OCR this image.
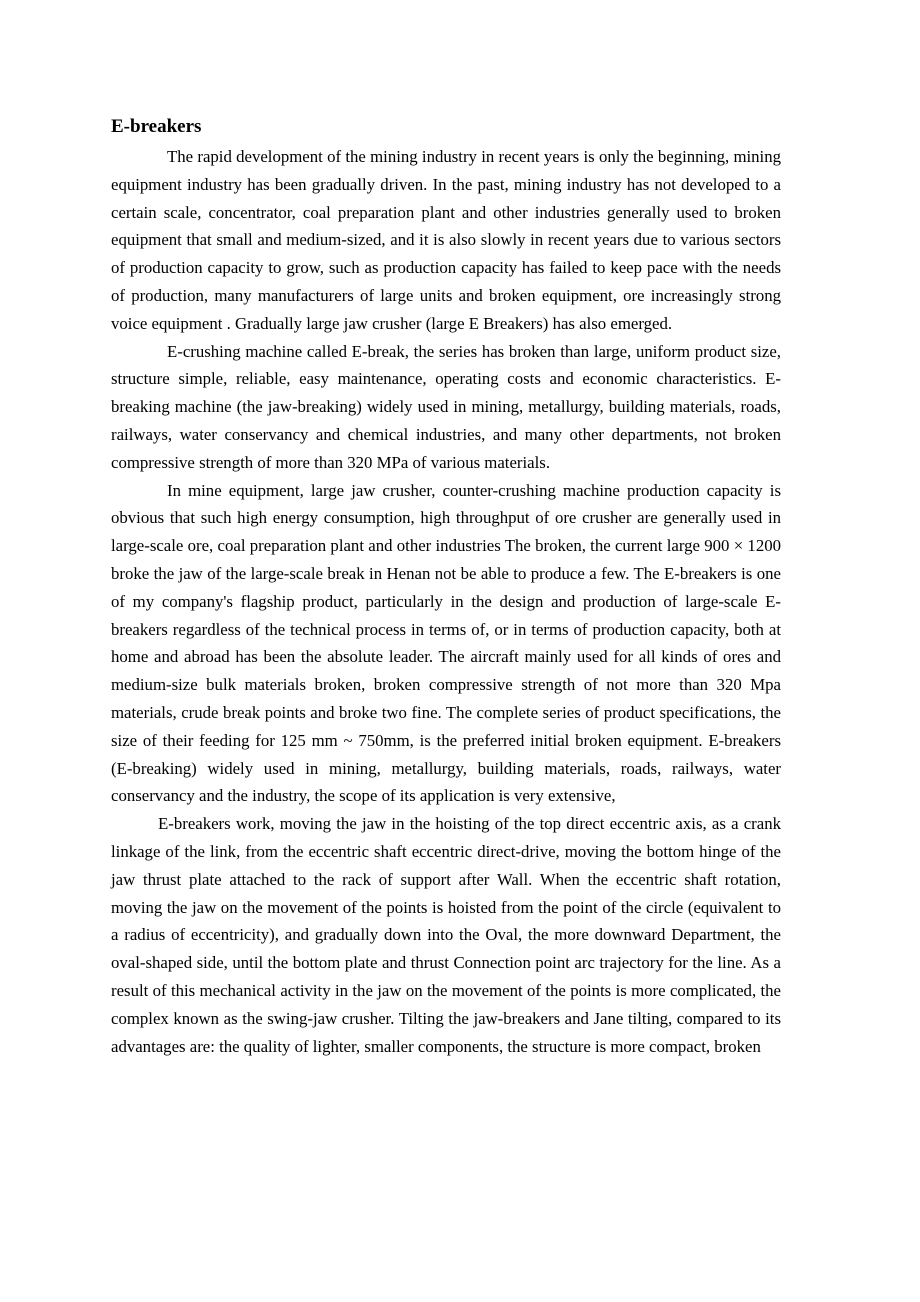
E-breakers

The rapid development of the mining industry in recent years is only the beginning, mining equipment industry has been gradually driven. In the past, mining industry has not developed to a certain scale, concentrator, coal preparation plant and other industries generally used to broken equipment that small and medium-sized, and it is also slowly in recent years due to various sectors of production capacity to grow, such as production capacity has failed to keep pace with the needs of production, many manufacturers of large units and broken equipment, ore increasingly strong voice equipment . Gradually large jaw crusher (large E Breakers) has also emerged.

E-crushing machine called E-break, the series has broken than large, uniform product size, structure simple, reliable, easy maintenance, operating costs and economic characteristics. E-breaking machine (the jaw-breaking) widely used in mining, metallurgy, building materials, roads, railways, water conservancy and chemical industries, and many other departments, not broken compressive strength of more than 320 MPa of various materials.

In mine equipment, large jaw crusher, counter-crushing machine production capacity is obvious that such high energy consumption, high throughput of ore crusher are generally used in large-scale ore, coal preparation plant and other industries The broken, the current large 900 × 1200 broke the jaw of the large-scale break in Henan not be able to produce a few. The E-breakers is one of my company's flagship product, particularly in the design and production of large-scale E-breakers regardless of the technical process in terms of, or in terms of production capacity, both at home and abroad has been the absolute leader. The aircraft mainly used for all kinds of ores and medium-size bulk materials broken, broken compressive strength of not more than 320 Mpa materials, crude break points and broke two fine. The complete series of product specifications, the size of their feeding for 125 mm ~ 750mm, is the preferred initial broken equipment. E-breakers (E-breaking) widely used in mining, metallurgy, building materials, roads, railways, water conservancy and the industry, the scope of its application is very extensive,

E-breakers work, moving the jaw in the hoisting of the top direct eccentric axis, as a crank linkage of the link, from the eccentric shaft eccentric direct-drive, moving the bottom hinge of the jaw thrust plate attached to the rack of support after Wall. When the eccentric shaft rotation, moving the jaw on the movement of the points is hoisted from the point of the circle (equivalent to a radius of eccentricity), and gradually down into the Oval, the more downward Department, the oval-shaped side, until the bottom plate and thrust Connection point arc trajectory for the line. As a result of this mechanical activity in the jaw on the movement of the points is more complicated, the complex known as the swing-jaw crusher. Tilting the jaw-breakers and Jane tilting, compared to its advantages are: the quality of lighter, smaller components, the structure is more compact, broken
